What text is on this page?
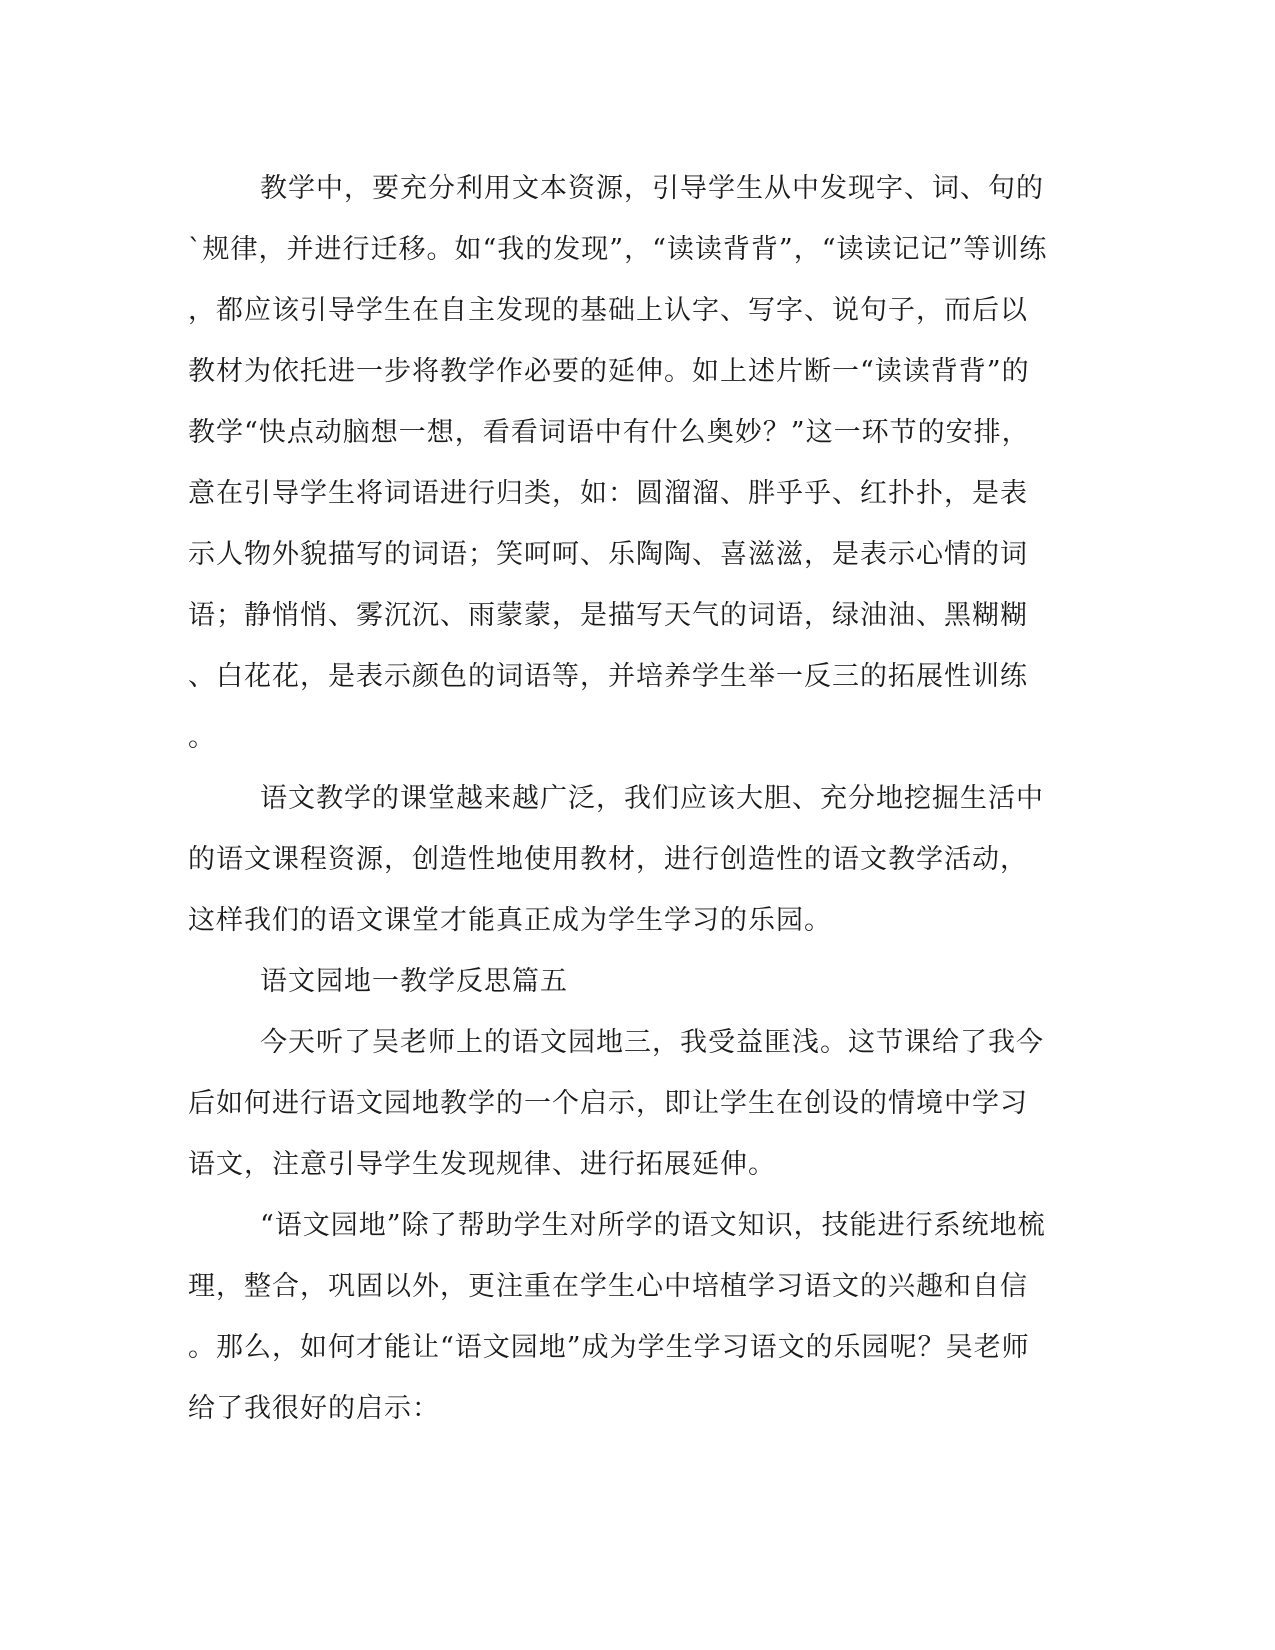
教学中，要充分利用文本资源，引导学生从中发现字、词、句的
`规律，并进行迁移。如“我的发现”，“读读背背”，“读读记记”等训练
，都应该引导学生在自主发现的基础上认字、写字、说句子，而后以
教材为依托进一步将教学作必要的延伸。如上述片断一“读读背背”的
教学“快点动脑想一想，看看词语中有什么奥妙？”这一环节的安排，
意在引导学生将词语进行归类，如：圆溜溜、胖乎乎、红扑扑，是表
示人物外貌描写的词语；笑呵呵、乐陶陶、喜滋滋，是表示心情的词
语；静悄悄、雾沉沉、雨蒙蒙，是描写天气的词语，绿油油、黑糊糊
、白花花，是表示颜色的词语等，并培养学生举一反三的拓展性训练
。
语文教学的课堂越来越广泛，我们应该大胆、充分地挖掘生活中
的语文课程资源，创造性地使用教材，进行创造性的语文教学活动，
这样我们的语文课堂才能真正成为学生学习的乐园。
语文园地一教学反思篇五
今天听了吴老师上的语文园地三，我受益匪浅。这节课给了我今
后如何进行语文园地教学的一个启示，即让学生在创设的情境中学习
语文，注意引导学生发现规律、进行拓展延伸。
“语文园地”除了帮助学生对所学的语文知识，技能进行系统地梳
理，整合，巩固以外，更注重在学生心中培植学习语文的兴趣和自信
。那么，如何才能让“语文园地”成为学生学习语文的乐园呢？吴老师
给了我很好的启示：
